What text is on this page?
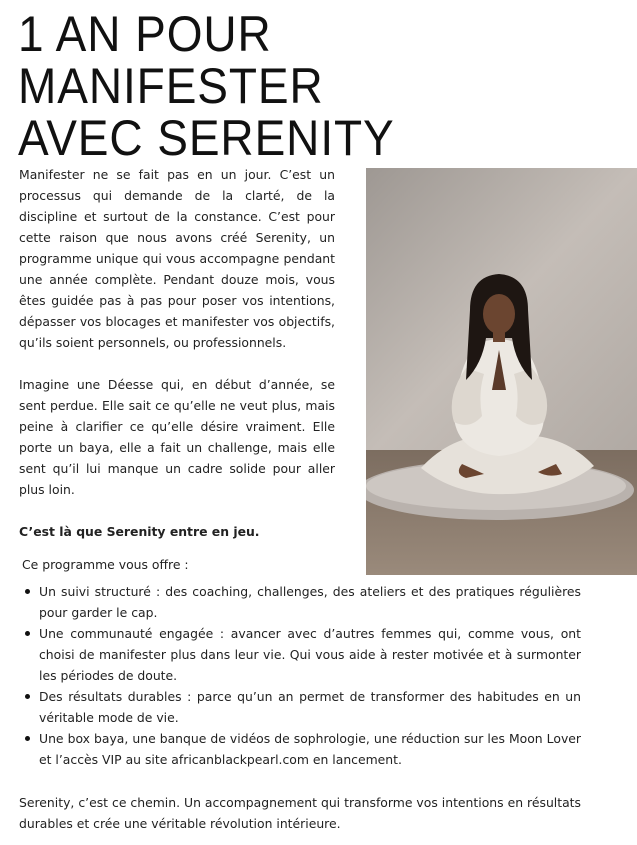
1 AN POUR MANIFESTER
AVEC SERENITY

Manifester ne se fait pas en un jour. C’est un processus qui demande de la clarté, de la discipline et surtout de la constance. C’est pour cette raison que nous avons créé Serenity, un programme unique qui vous accompagne pendant une année complète. Pendant douze mois, vous êtes guidée pas à pas pour poser vos intentions, dépasser vos blocages et manifester vos objectifs, qu’ils soient personnels, ou professionnels.

Imagine une Déesse qui, en début d’année, se sent perdue. Elle sait ce qu’elle ne veut plus, mais peine à clarifier ce qu’elle désire vraiment. Elle porte un baya, elle a fait un challenge, mais elle sent qu’il lui manque un cadre solide pour aller plus loin.

C’est là que Serenity entre en jeu.

Ce programme vous offre :

Un suivi structuré : des coaching, challenges, des ateliers et des pratiques régulières pour garder le cap.
Une communauté engagée : avancer avec d’autres femmes qui, comme vous, ont choisi de manifester plus dans leur vie. Qui vous aide à rester motivée et à surmonter les périodes de doute.
Des résultats durables : parce qu’un an permet de transformer des habitudes en un véritable mode de vie.
Une box baya, une banque de vidéos de sophrologie, une réduction sur les Moon Lover et l’accès VIP au site africanblackpearl.com en lancement.

Serenity, c’est ce chemin. Un accompagnement qui transforme vos intentions en résultats durables et crée une véritable révolution intérieure.
